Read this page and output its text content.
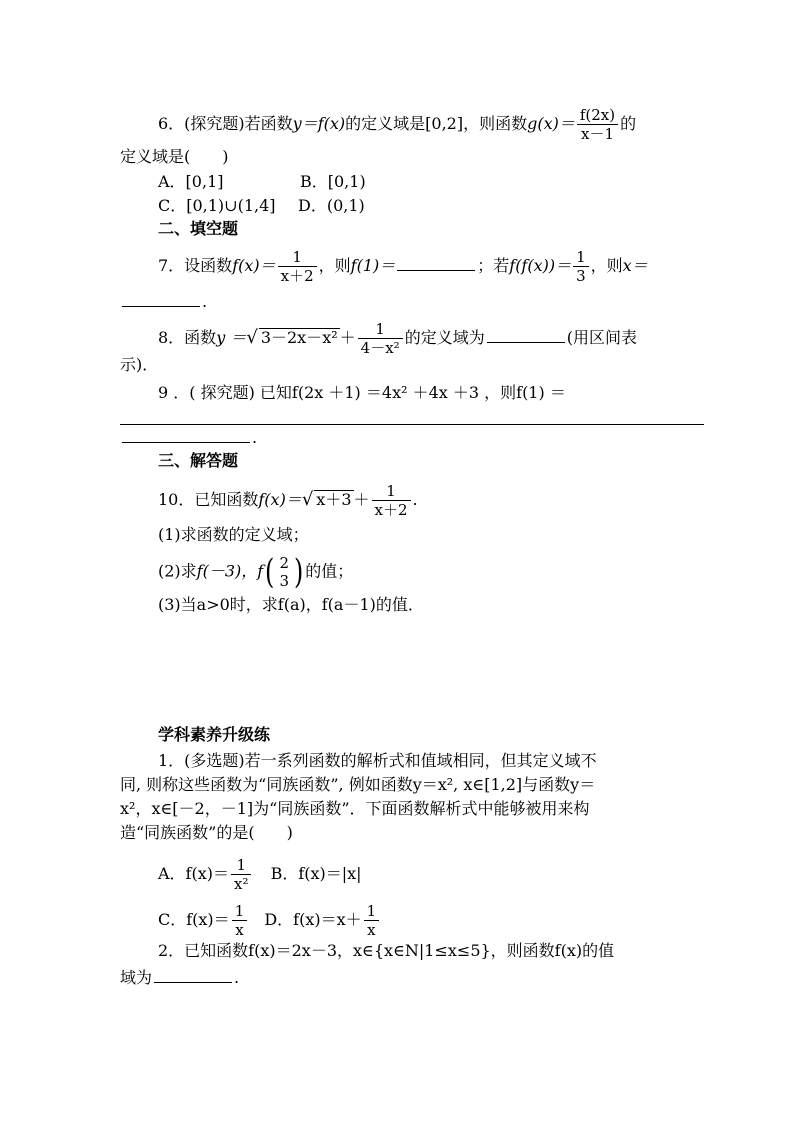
6．(探究题)若函数y＝f(x)的定义域是[0,2]，则函数$g(x)= \frac{f(2x)}{x-1}$ 的
定义域是(　　)
A．[0,1]	B．[0,1)
C．[0,1)∪(1,4] D．(0,1)
二、填空题
7．设函数$f(x)= \frac{1}{x+2}$ ，则f(1)＝	；若$f(f(x))= \frac{1}{3}$ ，则x＝
.
8．函数y ＝√ $3-2x-x^2 + \frac{1}{\text{4－x²}}$ 的定义域为	(用区间表
示)．
9 ．( 探究题) 已知f(2x ＋1) ＝4x² ＋4x ＋3 ，则f(1) ＝
.
三、解答题
10．已知函数f(x)＝√ $x+3 + \frac{1}{x+2}$ .
(1)求函数的定义域；
(2)求f(－3)，f( 2
3 ) 的值；
(3)当a>0时，求f(a)，f(a－1)的值．
学科素养升级练
1．(多选题)若一系列函数的解析式和值域相同，但其定义域不
同, 则称这些函数为“同族函数”, 例如函数y＝x², x∈[1,2]与函数y＝
x²，x∈[－2，－1]为“同族函数”．下面函数解析式中能够被用来构
造“同族函数”的是(　　)
A．$f(x)= \frac{1}{\text{x²}}$ B．f(x)＝|x|
C．$f(x)= \frac{1}{x}$ D．$f(x)=x+ \frac{1}{x}$
2．已知函数f(x)＝2x－3，x∈{x∈N|1≤x≤5}，则函数f(x)的值
域为	.
